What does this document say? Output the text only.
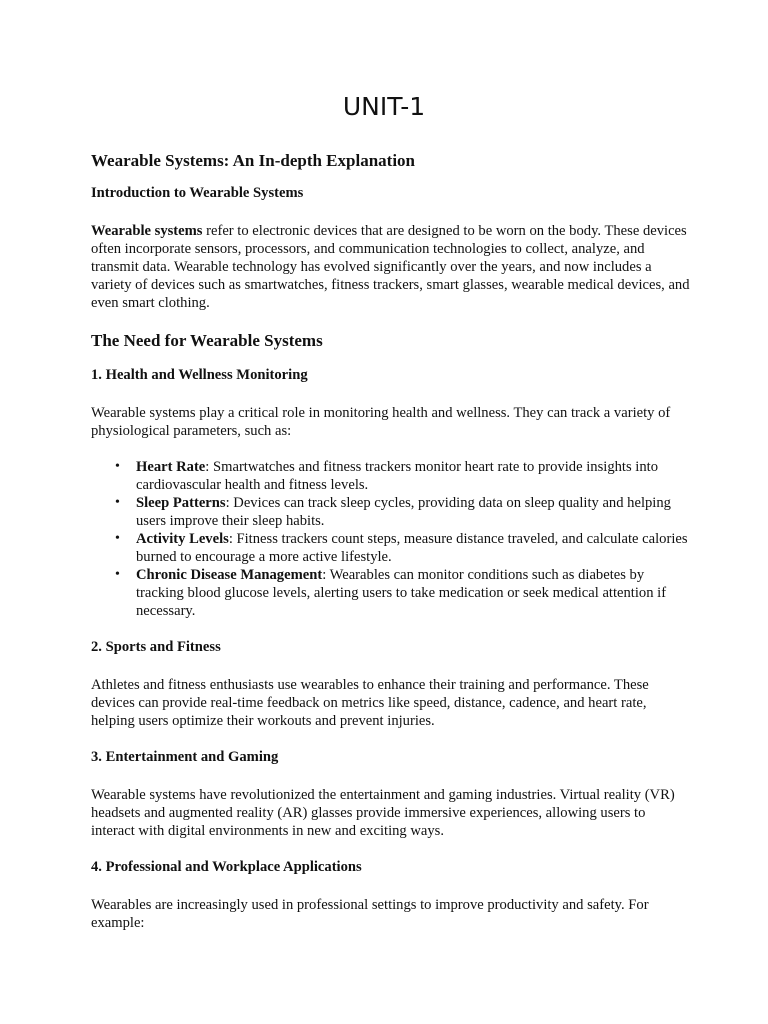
UNIT-1
Wearable Systems: An In-depth Explanation
Introduction to Wearable Systems

Wearable systems refer to electronic devices that are designed to be worn on the body. These devices often incorporate sensors, processors, and communication technologies to collect, analyze, and transmit data. Wearable technology has evolved significantly over the years, and now includes a variety of devices such as smartwatches, fitness trackers, smart glasses, wearable medical devices, and even smart clothing.

The Need for Wearable Systems
1. Health and Wellness Monitoring

Wearable systems play a critical role in monitoring health and wellness. They can track a variety of physiological parameters, such as:

• Heart Rate: Smartwatches and fitness trackers monitor heart rate to provide insights into cardiovascular health and fitness levels.
• Sleep Patterns: Devices can track sleep cycles, providing data on sleep quality and helping users improve their sleep habits.
• Activity Levels: Fitness trackers count steps, measure distance traveled, and calculate calories burned to encourage a more active lifestyle.
• Chronic Disease Management: Wearables can monitor conditions such as diabetes by tracking blood glucose levels, alerting users to take medication or seek medical attention if necessary.
2. Sports and Fitness

Athletes and fitness enthusiasts use wearables to enhance their training and performance. These devices can provide real-time feedback on metrics like speed, distance, cadence, and heart rate, helping users optimize their workouts and prevent injuries.

3. Entertainment and Gaming

Wearable systems have revolutionized the entertainment and gaming industries. Virtual reality (VR) headsets and augmented reality (AR) glasses provide immersive experiences, allowing users to interact with digital environments in new and exciting ways.

4. Professional and Workplace Applications

Wearables are increasingly used in professional settings to improve productivity and safety. For example:
